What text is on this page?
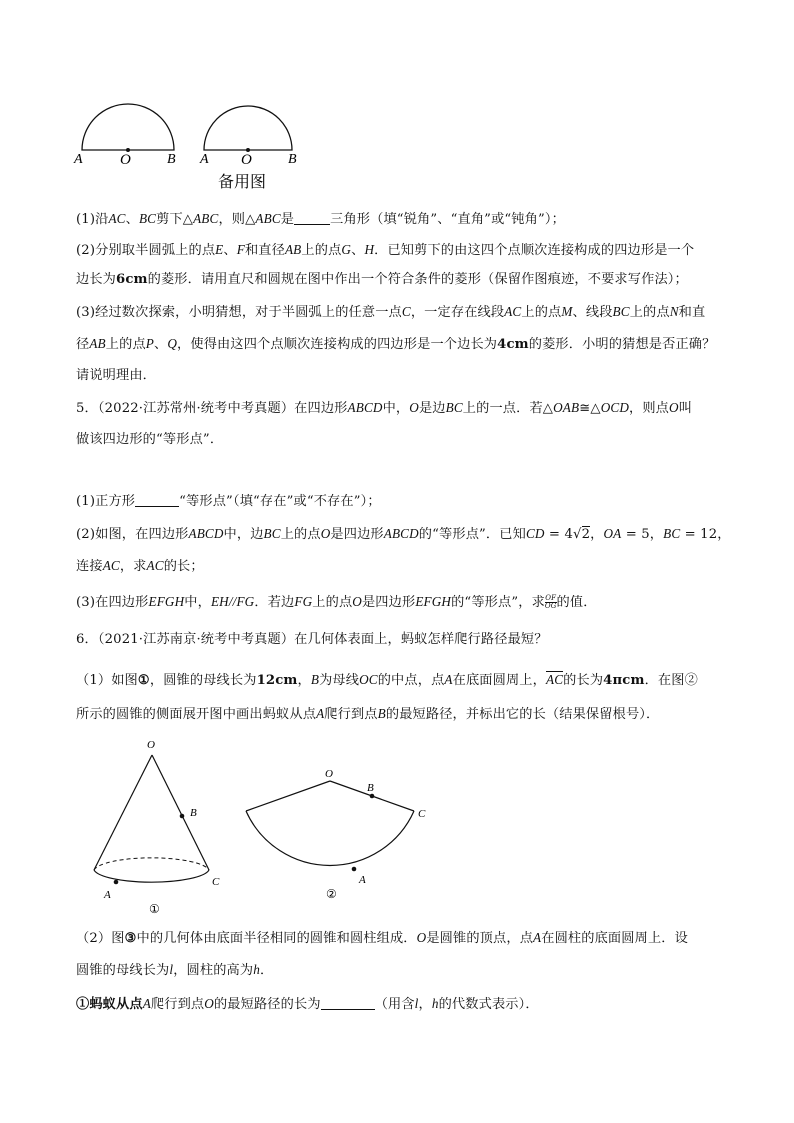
A O	B A O	B
备用图
(1)沿AC、BC剪下△ABC，则△ABC是	三角形（填“锐角”、“直角”或“钝角”）；
(2)分别取半圆弧上的点E、F和直径AB上的点G、H．已知剪下的由这四个点顺次连接构成的四边形是一个
边长为6cm的菱形．请用直尺和圆规在图中作出一个符合条件的菱形（保留作图痕迹，不要求写作法）；
(3)经过数次探索，小明猜想，对于半圆弧上的任意一点C，一定存在线段AC上的点M、线段BC上的点N和直
径AB上的点P、Q，使得由这四个点顺次连接构成的四边形是一个边长为4cm的菱形．小明的猜想是否正确？
请说明理由．
5．（2022·江苏常州·统考中考真题）在四边形ABCD中，O是边BC上的一点．若△OAB≅△OCD，则点O叫
做该四边形的“等形点”．
(1)正方形	“等形点”（填“存在”或“不存在”）；
(2)如图，在四边形ABCD中，边BC上的点O是四边形ABCD的“等形点”．已知CD = 4√2，OA = 5，BC = 12，
连接AC，求AC的长；
(3)在四边形EFGH中，EH//FG．若边FG上的点O是四边形EFGH的“等形点”，求 $\frac{OF}{OG}$ 的值．
6．（2021·江苏南京·统考中考真题）在几何体表面上，蚂蚁怎样爬行路径最短？
（1）如图①，圆锥的母线长为12cm，B为母线OC的中点，点A在底面圆周上，AC的长为4πcm．在图②
所示的圆锥的侧面展开图中画出蚂蚁从点A爬行到点B的最短路径，并标出它的长（结果保留根号）．
O
B
A
C
①
O
B
C
A
②
（2）图③中的几何体由底面半径相同的圆锥和圆柱组成．O是圆锥的顶点，点A在圆柱的底面圆周上．设
圆锥的母线长为l，圆柱的高为h．
①蚂蚁从点A爬行到点O的最短路径的长为	（用含l，h的代数式表示）．
